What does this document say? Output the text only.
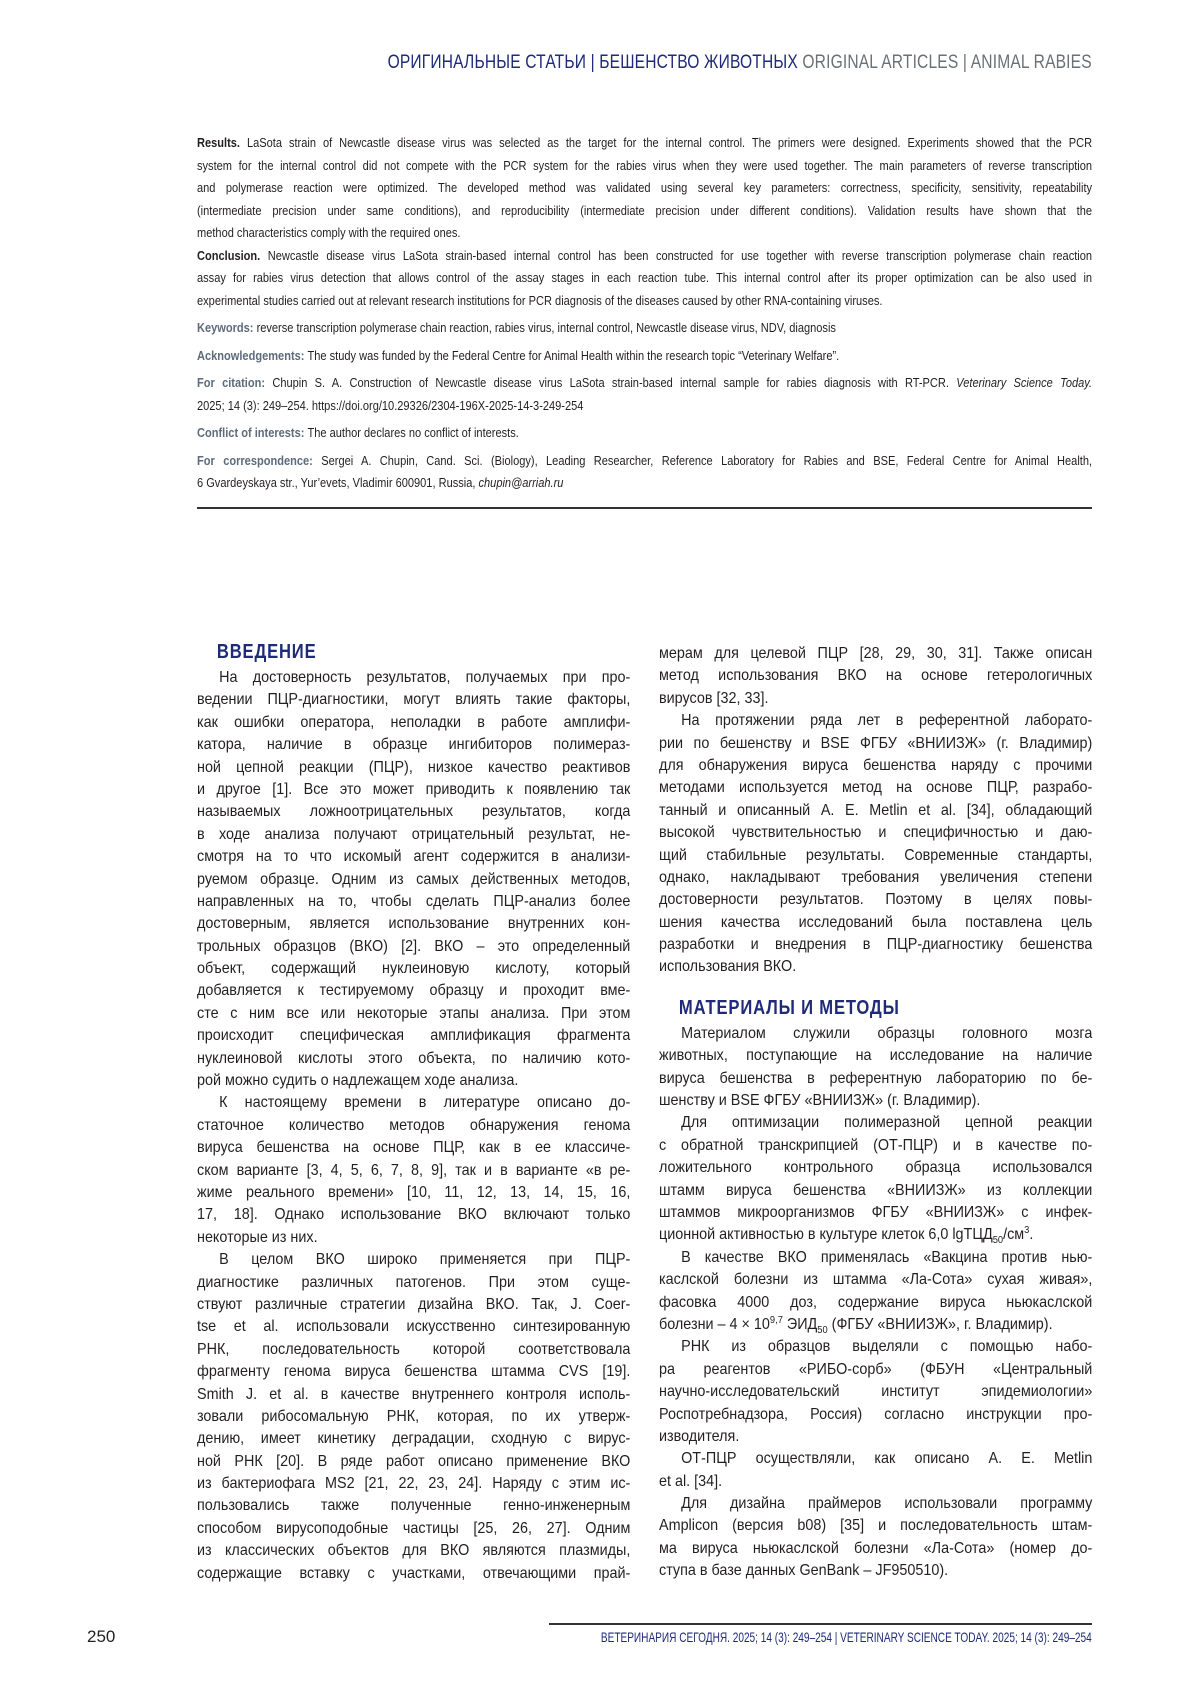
ОРИГИНАЛЬНЫЕ СТАТЬИ | БЕШЕНСТВО ЖИВОТНЫХ ORIGINAL ARTICLES | ANIMAL RABIES
Results. LaSota strain of Newcastle disease virus was selected as the target for the internal control. The primers were designed. Experiments showed that the PCR
system for the internal control did not compete with the PCR system for the rabies virus when they were used together. The main parameters of reverse transcription
and polymerase reaction were optimized. The developed method was validated using several key parameters: correctness, specificity, sensitivity, repeatability
(intermediate precision under same conditions), and reproducibility (intermediate precision under different conditions). Validation results have shown that the
method characteristics comply with the required ones.
Conclusion. Newcastle disease virus LaSota strain-based internal control has been constructed for use together with reverse transcription polymerase chain reaction
assay for rabies virus detection that allows control of the assay stages in each reaction tube. This internal control after its proper optimization can be also used in
experimental studies carried out at relevant research institutions for PCR diagnosis of the diseases caused by other RNA-containing viruses.
Keywords: reverse transcription polymerase chain reaction, rabies virus, internal control, Newcastle disease virus, NDV, diagnosis
Acknowledgements: The study was funded by the Federal Centre for Animal Health within the research topic “Veterinary Welfare”.
For citation: Chupin S. A. Construction of Newcastle disease virus LaSota strain-based internal sample for rabies diagnosis with RT-PCR. Veterinary Science Today.
2025; 14 (3): 249–254. https://doi.org/10.29326/2304-196X-2025-14-3-249-254
Conflict of interests: The author declares no conflict of interests.
For correspondence: Sergei A. Chupin, Cand. Sci. (Biology), Leading Researcher, Reference Laboratory for Rabies and BSE, Federal Centre for Animal Health,
6 Gvardeyskaya str., Yur’evets, Vladimir 600901, Russia, chupin@arriah.ru
ВВЕДЕНИЕ
На достоверность результатов, получаемых при про-
ведении ПЦР-диагностики, могут влиять такие факторы,
как ошибки оператора, неполадки в работе амплифи-
катора, наличие в образце ингибиторов полимераз-
ной цепной реакции (ПЦР), низкое качество реактивов
и другое [1]. Все это может приводить к появлению так
называемых ложноотрицательных результатов, когда
в ходе анализа получают отрицательный результат, не-
смотря на то что искомый агент содержится в анализи-
руемом образце. Одним из самых действенных методов,
направленных на то, чтобы сделать ПЦР-анализ более
достоверным, является использование внутренних кон-
трольных образцов (ВКО) [2]. ВКО – это определенный
объект, содержащий нуклеиновую кислоту, который
добавляется к тестируемому образцу и проходит вме-
сте с ним все или некоторые этапы анализа. При этом
происходит специфическая амплификация фрагмента
нуклеиновой кислоты этого объекта, по наличию кото-
рой можно судить о надлежащем ходе анализа.
К настоящему времени в литературе описано до-
статочное количество методов обнаружения генома
вируса бешенства на основе ПЦР, как в ее классиче-
ском варианте [3, 4, 5, 6, 7, 8, 9], так и в варианте «в ре-
жиме реального времени» [10, 11, 12, 13, 14, 15, 16,
17, 18]. Однако использование ВКО включают только
некоторые из них.
В целом ВКО широко применяется при ПЦР-
диагностике различных патогенов. При этом суще-
ствуют различные стратегии дизайна ВКО. Так, J. Coer-
tse et al. использовали искусственно синтезированную
РНК, последовательность которой соответствовала
фрагменту генома вируса бешенства штамма CVS [19].
Smith J. et al. в качестве внутреннего контроля исполь-
зовали рибосомальную РНК, которая, по их утверж-
дению, имеет кинетику деградации, сходную с вирус-
ной РНК [20]. В ряде работ описано применение ВКО
из бактериофага MS2 [21, 22, 23, 24]. Наряду с этим ис-
пользовались также полученные генно-инженерным
способом вирусоподобные частицы [25, 26, 27]. Одним
из классических объектов для ВКО являются плазмиды,
содержащие вставку с участками, отвечающими прай-
мерам для целевой ПЦР [28, 29, 30, 31]. Также описан
метод использования ВКО на основе гетерологичных
вирусов [32, 33].
На протяжении ряда лет в референтной лаборато-
рии по бешенству и BSE ФГБУ «ВНИИЗЖ» (г. Владимир)
для обнаружения вируса бешенства наряду с прочими
методами используется метод на основе ПЦР, разрабо-
танный и описанный A. E. Metlin et al. [34], обладающий
высокой чувствительностью и специфичностью и даю-
щий стабильные результаты. Современные стандарты,
однако, накладывают требования увеличения степени
достоверности результатов. Поэтому в целях повы-
шения качества исследований была поставлена цель
разработки и внедрения в ПЦР-диагностику бешенства
использования ВКО.
МАТЕРИАЛЫ И МЕТОДЫ
Материалом служили образцы головного мозга
животных, поступающие на исследование на наличие
вируса бешенства в референтную лабораторию по бе-
шенству и BSE ФГБУ «ВНИИЗЖ» (г. Владимир).
Для оптимизации полимеразной цепной реакции
с обратной транскрипцией (ОТ-ПЦР) и в качестве по-
ложительного контрольного образца использовался
штамм вируса бешенства «ВНИИЗЖ» из коллекции
штаммов микроорганизмов ФГБУ «ВНИИЗЖ» с инфек-
ционной активностью в культуре клеток 6,0 lgТЦД50/см3.
В качестве ВКО применялась «Вакцина против нью-
каслской болезни из штамма «Ла-Сота» сухая живая»,
фасовка 4000 доз, содержание вируса ньюкаслской
болезни – 4 × 109,7 ЭИД50 (ФГБУ «ВНИИЗЖ», г. Владимир).
РНК из образцов выделяли с помощью набо-
ра реагентов «РИБО-сорб» (ФБУН «Центральный
научно-исследовательский институт эпидемиологии»
Роспотребнадзора, Россия) согласно инструкции про-
изводителя.
ОТ-ПЦР осуществляли, как описано A. E. Metlin
et al. [34].
Для дизайна праймеров использовали программу
Amplicon (версия b08) [35] и последовательность штам-
ма вируса ньюкаслской болезни «Ла-Сота» (номер до-
ступа в базе данных GenBank – JF950510).
250	ВЕТЕРИНАРИЯ СЕГОДНЯ. 2025; 14 (3): 249–254 | VETERINARY SCIENCE TODAY. 2025; 14 (3): 249–254
